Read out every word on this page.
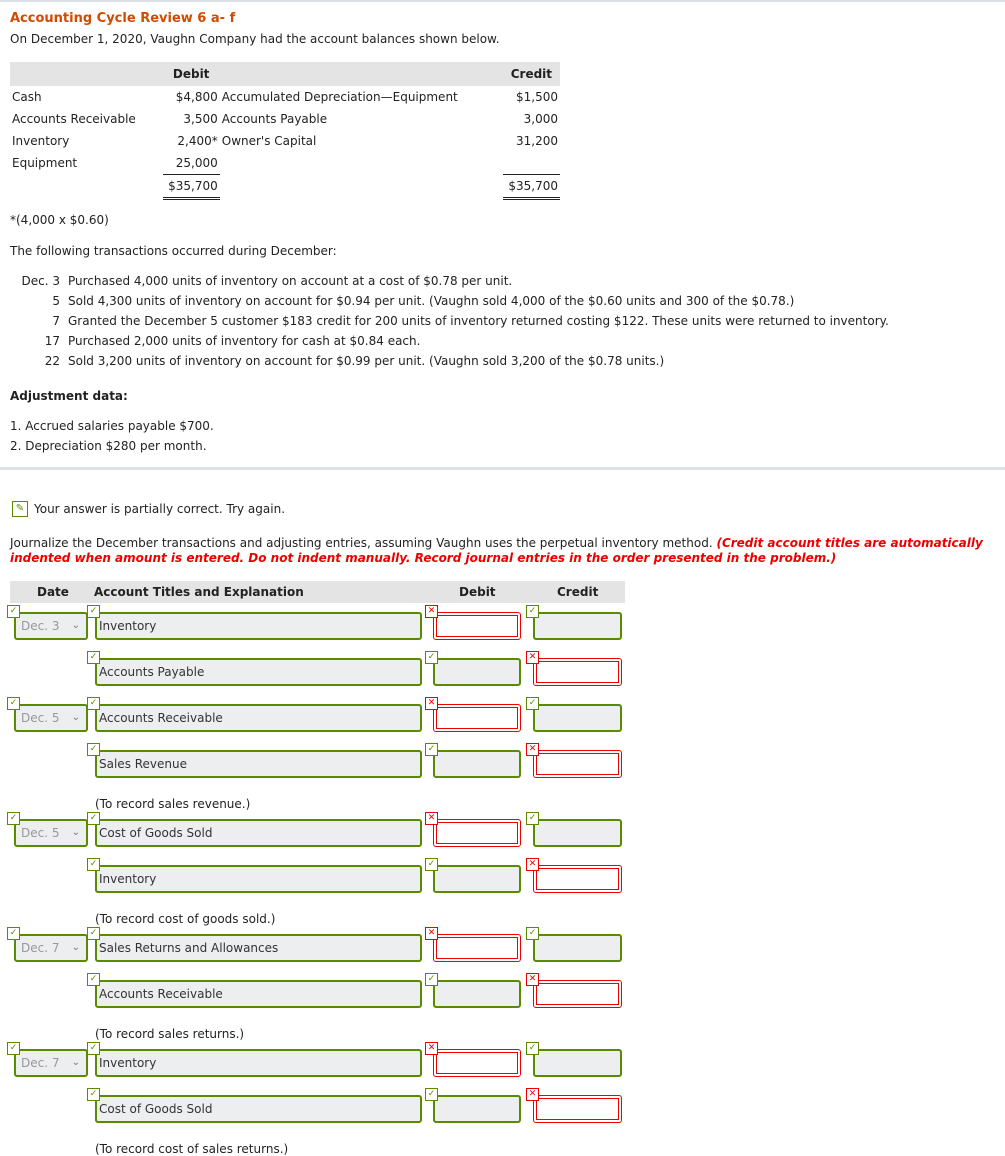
Accounting Cycle Review 6 a- f
On December 1, 2020, Vaughn Company had the account balances shown below.
	Debit		Credit
Cash	$4,800	Accumulated Depreciation—Equipment	$1,500
Accounts Receivable	3,500	Accounts Payable	3,000
Inventory	2,400*	Owner's Capital	31,200
Equipment	25,000		
	$35,700		$35,700
*(4,000 x $0.60)
The following transactions occurred during December:
Dec. 3 Purchased 4,000 units of inventory on account at a cost of $0.78 per unit.
5 Sold 4,300 units of inventory on account for $0.94 per unit. (Vaughn sold 4,000 of the $0.60 units and 300 of the $0.78.)
7 Granted the December 5 customer $183 credit for 200 units of inventory returned costing $122. These units were returned to inventory.
17 Purchased 2,000 units of inventory for cash at $0.84 each.
22 Sold 3,200 units of inventory on account for $0.99 per unit. (Vaughn sold 3,200 of the $0.78 units.)
Adjustment data:
1. Accrued salaries payable $700.
2. Depreciation $280 per month.
✎ Your answer is partially correct. Try again.
Journalize the December transactions and adjusting entries, assuming Vaughn uses the perpetual inventory method. (Credit account titles are automatically indented when amount is entered. Do not indent manually. Record journal entries in the order presented in the problem.)
Date Account Titles and Explanation	Debit	Credit
Dec. 3 ⌄
✓
Inventory
✓	✕	✓
Accounts Payable
✓	✓	✕
Dec. 5 ⌄
✓
Accounts Receivable
✓	✕	✓
Sales Revenue
✓	✓	✕
(To record sales revenue.)
Dec. 5 ⌄
✓
Cost of Goods Sold
✓	✕	✓
Inventory
✓	✓	✕
(To record cost of goods sold.)
Dec. 7 ⌄
✓
Sales Returns and Allowances
✓	✕	✓
Accounts Receivable
✓	✓	✕
(To record sales returns.)
Dec. 7 ⌄
✓
Inventory
✓	✕	✓
Cost of Goods Sold
✓	✓	✕
(To record cost of sales returns.)
